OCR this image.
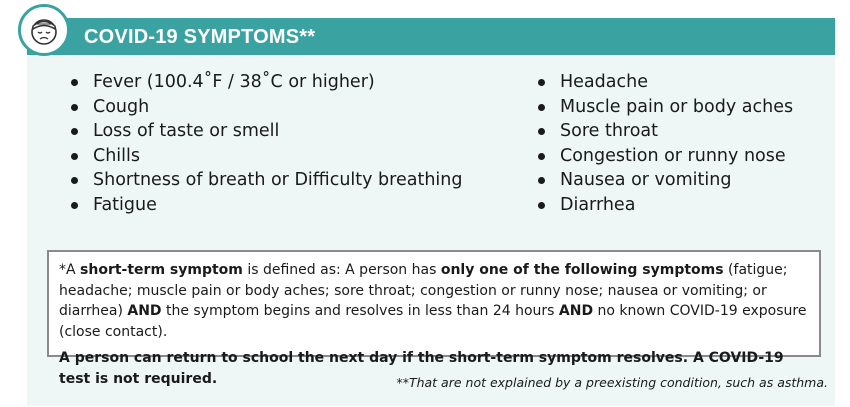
COVID-19 SYMPTOMS**
Fever (100.4˚F / 38˚C or higher)
Cough
Loss of taste or smell
Chills
Shortness of breath or Difficulty breathing
Fatigue
Headache
Muscle pain or body aches
Sore throat
Congestion or runny nose
Nausea or vomiting
Diarrhea

*A short-term symptom is defined as: A person has only one of the following symptoms (fatigue; headache; muscle pain or body aches; sore throat; congestion or runny nose; nausea or vomiting; or diarrhea) AND the symptom begins and resolves in less than 24 hours AND no known COVID-19 exposure (close contact).

A person can return to school the next day if the short-term symptom resolves. A COVID-19 test is not required.	**That are not explained by a preexisting condition, such as asthma.
